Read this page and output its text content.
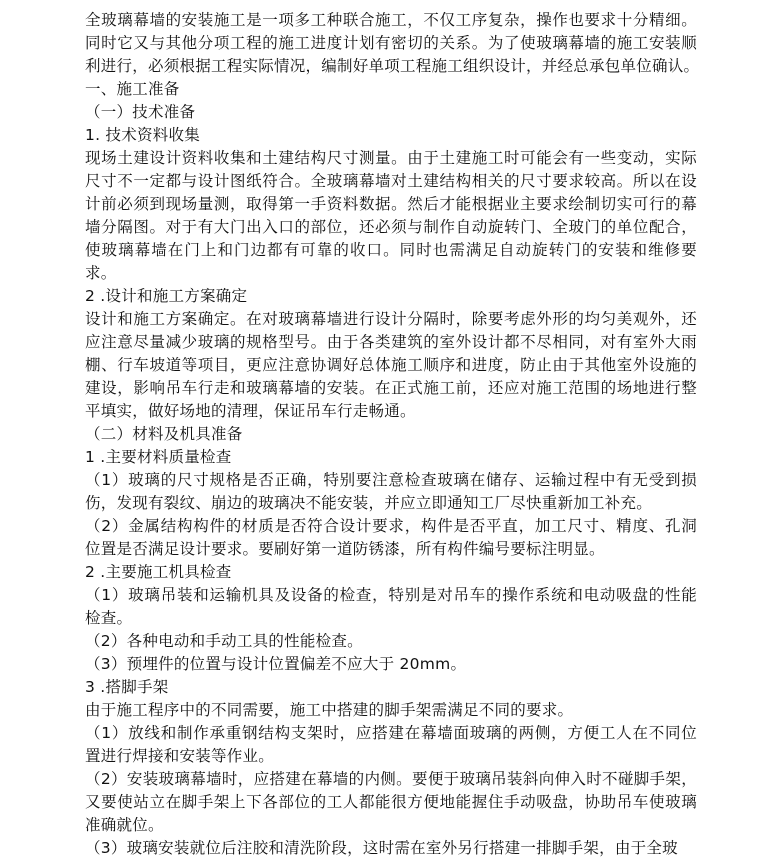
全玻璃幕墙的安装施工是一项多工种联合施工，不仅工序复杂，操作也要求十分精细。
同时它又与其他分项工程的施工进度计划有密切的关系。为了使玻璃幕墙的施工安装顺
利进行，必须根据工程实际情况，编制好单项工程施工组织设计，并经总承包单位确认。
一、施工准备
（一）技术准备
1. 技术资料收集
现场土建设计资料收集和土建结构尺寸测量。由于土建施工时可能会有一些变动，实际
尺寸不一定都与设计图纸符合。全玻璃幕墙对土建结构相关的尺寸要求较高。所以在设
计前必须到现场量测，取得第一手资料数据。然后才能根据业主要求绘制切实可行的幕
墙分隔图。对于有大门出入口的部位，还必须与制作自动旋转门、全玻门的单位配合，
使玻璃幕墙在门上和门边都有可靠的收口。同时也需满足自动旋转门的安装和维修要
求。
2 .设计和施工方案确定
设计和施工方案确定。在对玻璃幕墙进行设计分隔时，除要考虑外形的均匀美观外，还
应注意尽量减少玻璃的规格型号。由于各类建筑的室外设计都不尽相同，对有室外大雨
棚、行车坡道等项目，更应注意协调好总体施工顺序和进度，防止由于其他室外设施的
建设，影响吊车行走和玻璃幕墙的安装。在正式施工前，还应对施工范围的场地进行整
平填实，做好场地的清理，保证吊车行走畅通。
（二）材料及机具准备
1 .主要材料质量检查
（1）玻璃的尺寸规格是否正确，特别要注意检查玻璃在储存、运输过程中有无受到损
伤，发现有裂纹、崩边的玻璃决不能安装，并应立即通知工厂尽快重新加工补充。
（2）金属结构构件的材质是否符合设计要求，构件是否平直，加工尺寸、精度、孔洞
位置是否满足设计要求。要刷好第一道防锈漆，所有构件编号要标注明显。
2 .主要施工机具检查
（1）玻璃吊装和运输机具及设备的检查，特别是对吊车的操作系统和电动吸盘的性能
检查。
（2）各种电动和手动工具的性能检查。
（3）预埋件的位置与设计位置偏差不应大于 20mm。
3 .搭脚手架
由于施工程序中的不同需要，施工中搭建的脚手架需满足不同的要求。
（1）放线和制作承重钢结构支架时，应搭建在幕墙面玻璃的两侧，方便工人在不同位
置进行焊接和安装等作业。
（2）安装玻璃幕墙时，应搭建在幕墙的内侧。要便于玻璃吊装斜向伸入时不碰脚手架，
又要使站立在脚手架上下各部位的工人都能很方便地能握住手动吸盘，协助吊车使玻璃
准确就位。
（3）玻璃安装就位后注胶和清洗阶段，这时需在室外另行搭建一排脚手架，由于全玻
